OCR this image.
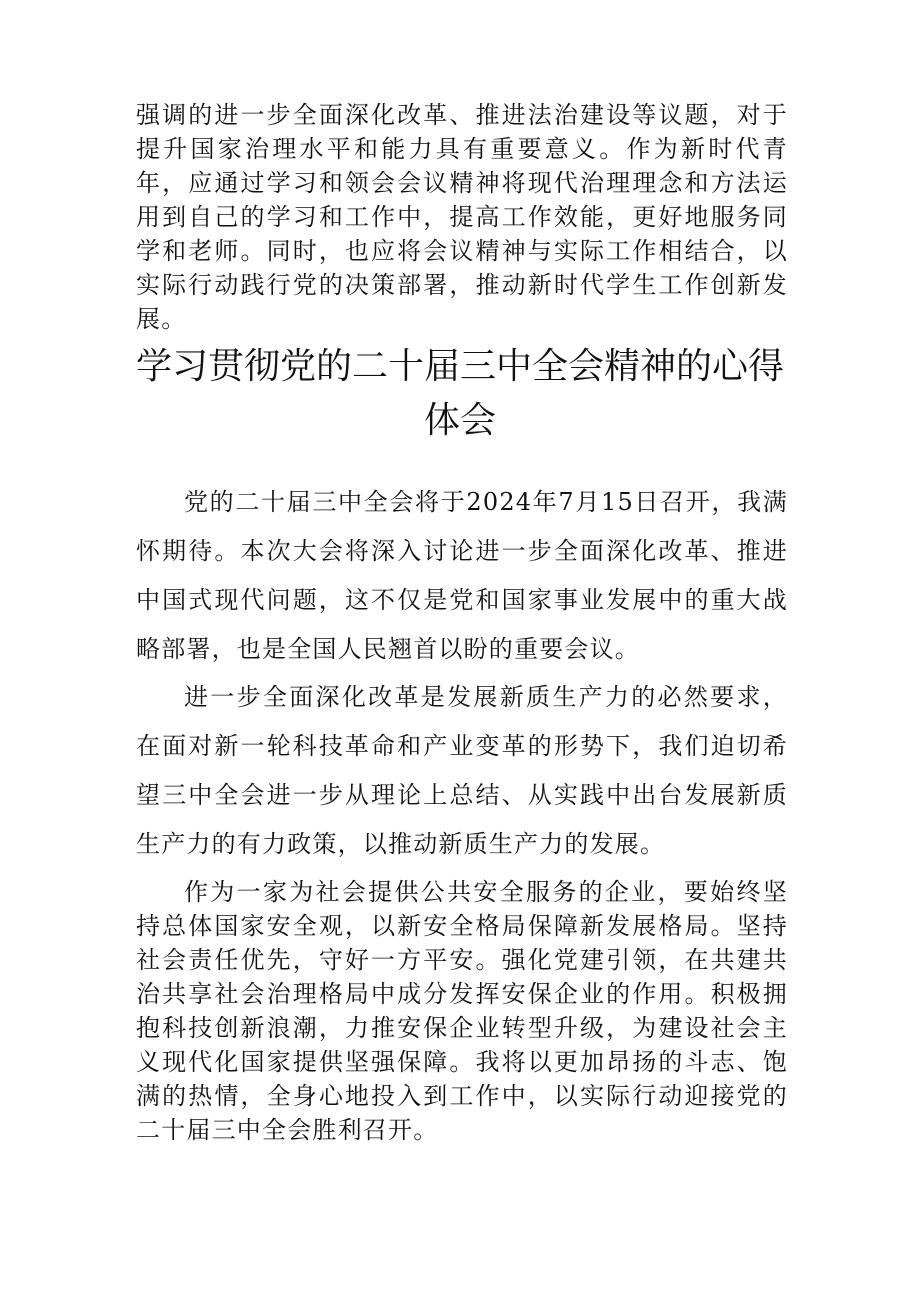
强调的进一步全面深化改革、推进法治建设等议题，对于提升国家治理水平和能力具有重要意义。作为新时代青年，应通过学习和领会会议精神将现代治理理念和方法运用到自己的学习和工作中，提高工作效能，更好地服务同学和老师。同时，也应将会议精神与实际工作相结合，以实际行动践行党的决策部署，推动新时代学生工作创新发展。

学习贯彻党的二十届三中全会精神的心得
体会

党的二十届三中全会将于2024年7月15日召开，我满怀期待。本次大会将深入讨论进一步全面深化改革、推进中国式现代问题，这不仅是党和国家事业发展中的重大战略部署，也是全国人民翘首以盼的重要会议。

进一步全面深化改革是发展新质生产力的必然要求，在面对新一轮科技革命和产业变革的形势下，我们迫切希望三中全会进一步从理论上总结、从实践中出台发展新质生产力的有力政策，以推动新质生产力的发展。

作为一家为社会提供公共安全服务的企业，要始终坚持总体国家安全观，以新安全格局保障新发展格局。坚持社会责任优先，守好一方平安。强化党建引领，在共建共治共享社会治理格局中成分发挥安保企业的作用。积极拥抱科技创新浪潮，力推安保企业转型升级，为建设社会主义现代化国家提供坚强保障。我将以更加昂扬的斗志、饱满的热情，全身心地投入到工作中，以实际行动迎接党的二十届三中全会胜利召开。
